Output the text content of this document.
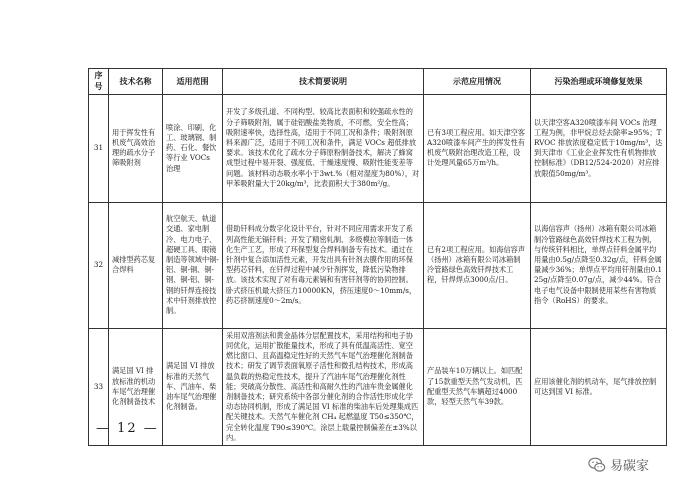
序号	技术名称	适用范围	技术简要说明	示范应用情况	污染治理或环境修复效果
31	用于挥发性有机废气高效治理的疏水分子筛吸附剂	喷涂、印刷、化工、玻璃钢、制药、石化、餐饮等行业 VOCs 治理	开发了多级孔道、不同构型、较高比表面积和较强疏水性的分子筛吸附剂，属于硅铝酸盐类物质，不可燃，安全性高；吸附速率快，选择性高，适用于不同工况和条件；吸附剂原料来源广泛，适用于不同工况和条件，满足 VOCs 超低排放要求。该技术优化了疏水分子筛原粉制备技术，解决了蜂窝成型过程中易开裂、强度低、干燥速度慢、吸附性能变差等问题。该材料动态吸水率小于3wt.%（相对湿度为80%），对甲苯吸附量大于20kg/m³，比表面积大于380m²/g。	已有3项工程应用。如天津空客A320喷漆车间产生的挥发性有机废气吸附治理改造工程，设计处理风量65万m³/h。	以天津空客A320喷漆车间 VOCs 治理工程为例，非甲烷总烃去除率≥95%；TRVOC 排放浓度稳定低于10mg/m³，达到天津市《工业企业挥发性有机物排放控制标准》（DB12/524-2020）对应排放限值50mg/m³。
32	减排型药芯复合焊料	航空航天、轨道交通、家电制冷、电力电子、超硬工具、眼镜制造等领域中铜-铝、铜-铜、铜-钢、铜-铝、铜-钢的钎焊连接技术中钎剂排放控制。	借助钎料成分数字化设计平台，针对不同应用需求开发了系列高性能无镉钎料；开发了精密轧制、多级模拉等制造一体化生产工艺，形成了环保型复合焊料制备专有技术。通过在针剂中复合添加活性元素，开发出具有针剂去膜作用的环保型药芯钎料，在钎焊过程中减少针剂挥发，降低污染物排放。该技术实现了对有毒元素镉和有害钎剂等的协同控制。卧式挤压机最大挤压力10000KN，挤压速度0～10mm/s，药芯挤制速度0～2m/s。	已有2项工程应用。如海信容声（扬州）冰箱有限公司冰箱制冷管路绿色高效钎焊技术工程，钎焊焊点3000点/日。	以海信容声（扬州）冰箱有限公司冰箱制冷管路绿色高效钎焊技术工程为例，与传统钎料相比，单焊点钎料金属平均用量由0.5g/点降至0.32g/点，钎料金属量减少36%；单焊点平均用钎剂量由0.125g/点降至0.07g/点，减少44%。符合电子电气设备中限制使用某些有害物质指令（RoHS）的要求。
33	满足国 VI 排放标准的机动车尾气治理催化剂制备技术	满足国 VI 排放标准的天然气车、汽油车、柴油车尾气治理催化剂制备。	采用双溶剂法和黄金晶体分层配置技术，采用结构和电子协同优化，运用扩散能量技术，形成了具有低温高活性、宽空燃比窗口、且高温稳定性好的天然气车尾气治理催化剂制备技术；研发了调节表面氧原子活性和微孔结构技术，形成高温负载的热稳定性技术，提升了汽油车尾气治理催化剂性能；突破高分散性、高活性和高耐久性的汽油车贵金属催化剂制备技术；研究系统中各部分催化剂的合作活性形成化学动态协同机制，形成了满足国 VI 标准的柴油车后处理集成匹配关键技术。天然气车催化剂 CH₄ 起燃温度 T50≤350℃，完全转化温度 T90≤390℃。涂层上载量控制偏差在±3%以内。	产品装车10万辆以上。如匹配了15款重型天然气发动机，匹配重型天然气车辆超过4000款，轻型天然气车39款。	应用该催化剂的机动车，尾气排放控制可达到国 VI 标准。
— 12 —
易碳家
